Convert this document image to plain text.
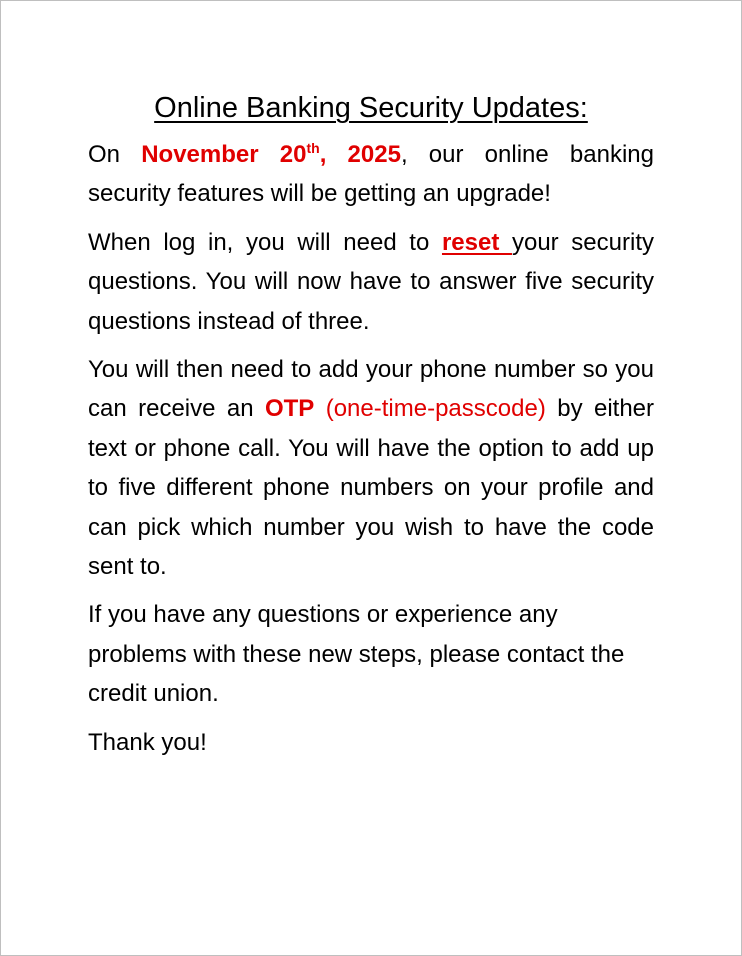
Online Banking Security Updates:

On November 20th, 2025, our online banking security features will be getting an upgrade!

When log in, you will need to reset your security questions. You will now have to answer five security questions instead of three.

You will then need to add your phone number so you can receive an OTP (one-time-passcode) by either text or phone call. You will have the option to add up to five different phone numbers on your profile and can pick which number you wish to have the code sent to.

If you have any questions or experience any problems with these new steps, please contact the credit union.

Thank you!
